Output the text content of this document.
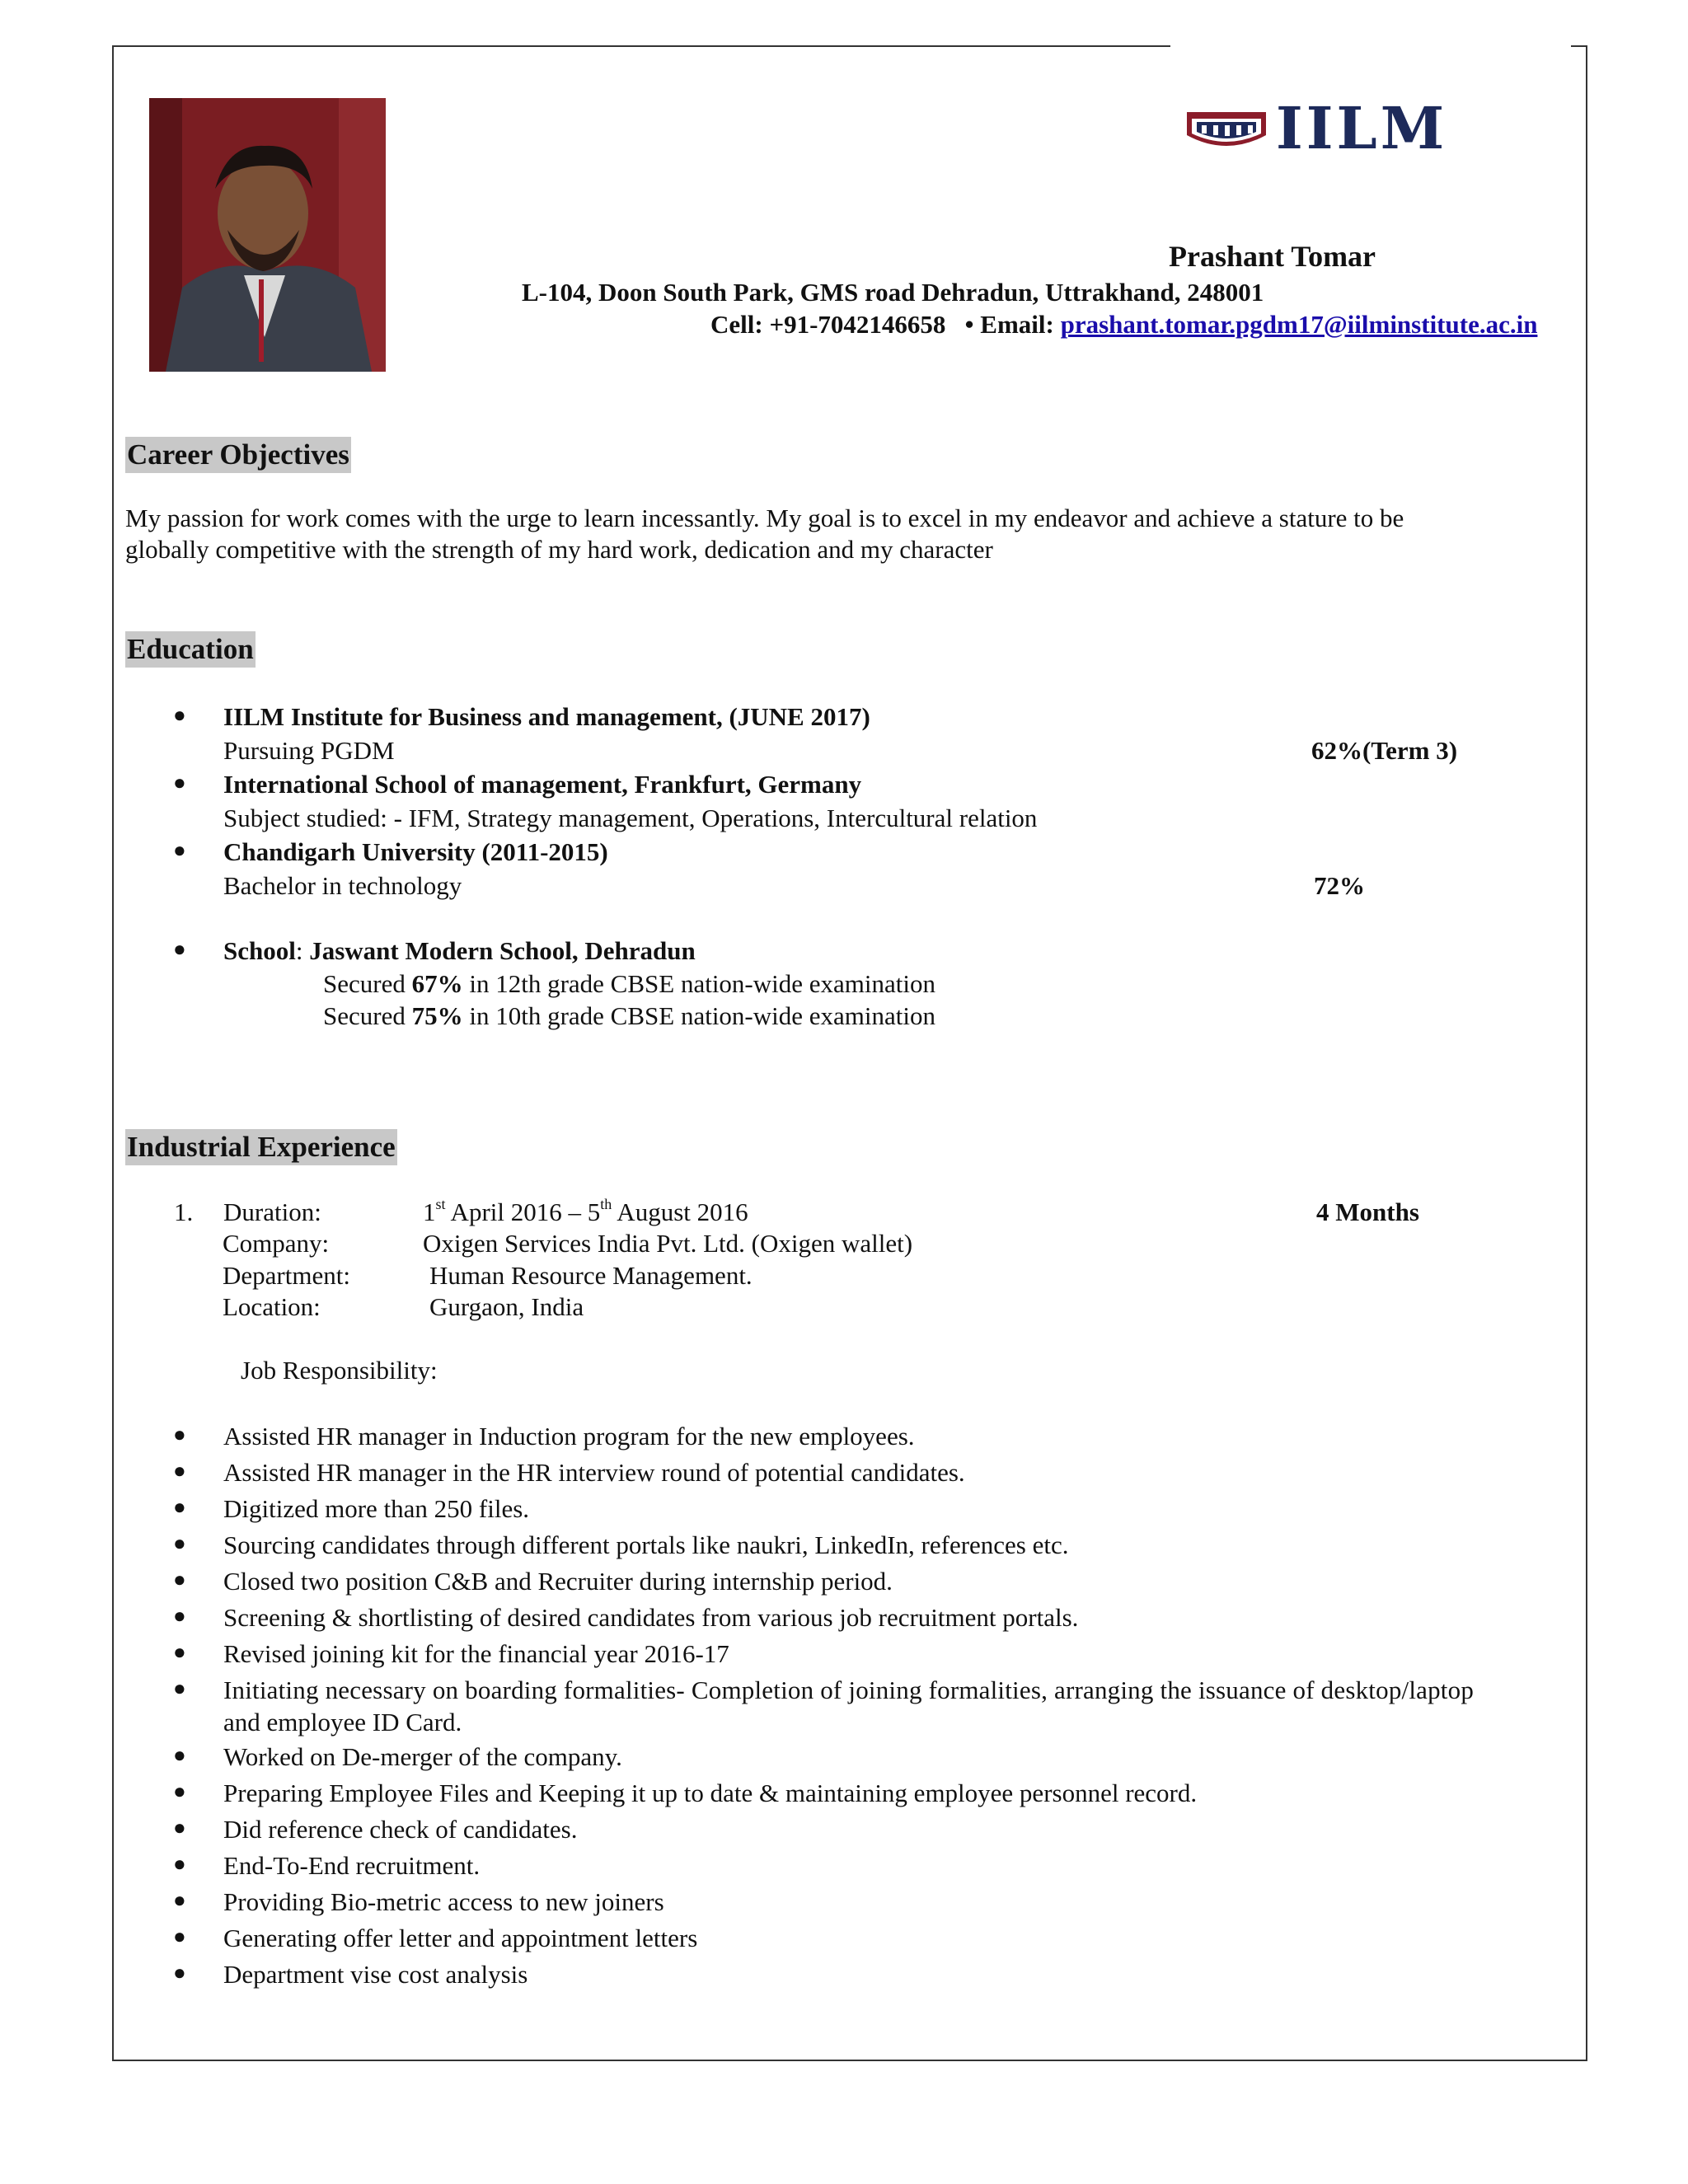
IILM
Prashant Tomar
L-104, Doon South Park, GMS road Dehradun, Uttrakhand, 248001
Cell: +91-7042146658   • Email: prashant.tomar.pgdm17@iilminstitute.ac.in
Career Objectives
My passion for work comes with the urge to learn incessantly. My goal is to excel in my endeavor and achieve a stature to be
globally competitive with the strength of my hard work, dedication and my character
Education
● IILM Institute for Business and management, (JUNE 2017)
Pursuing PGDM	62%(Term 3)
● International School of management, Frankfurt, Germany
Subject studied: - IFM, Strategy management, Operations, Intercultural relation
● Chandigarh University (2011-2015)
Bachelor in technology	72%
● School: Jaswant Modern School, Dehradun
Secured 67% in 12th grade CBSE nation-wide examination
Secured 75% in 10th grade CBSE nation-wide examination
Industrial Experience
1. Duration:	1st April 2016 – 5th August 2016	4 Months
Company:	Oxigen Services India Pvt. Ltd. (Oxigen wallet)
Department:	Human Resource Management.
Location:	Gurgaon, India
Job Responsibility:
● Assisted HR manager in Induction program for the new employees.
● Assisted HR manager in the HR interview round of potential candidates.
● Digitized more than 250 files.
● Sourcing candidates through different portals like naukri, LinkedIn, references etc.
● Closed two position C&B and Recruiter during internship period.
● Screening & shortlisting of desired candidates from various job recruitment portals.
● Revised joining kit for the financial year 2016-17
● Initiating necessary on boarding formalities- Completion of joining formalities, arranging the issuance of desktop/laptop
and employee ID Card.
● Worked on De-merger of the company.
● Preparing Employee Files and Keeping it up to date & maintaining employee personnel record.
● Did reference check of candidates.
● End-To-End recruitment.
● Providing Bio-metric access to new joiners
● Generating offer letter and appointment letters
● Department vise cost analysis
